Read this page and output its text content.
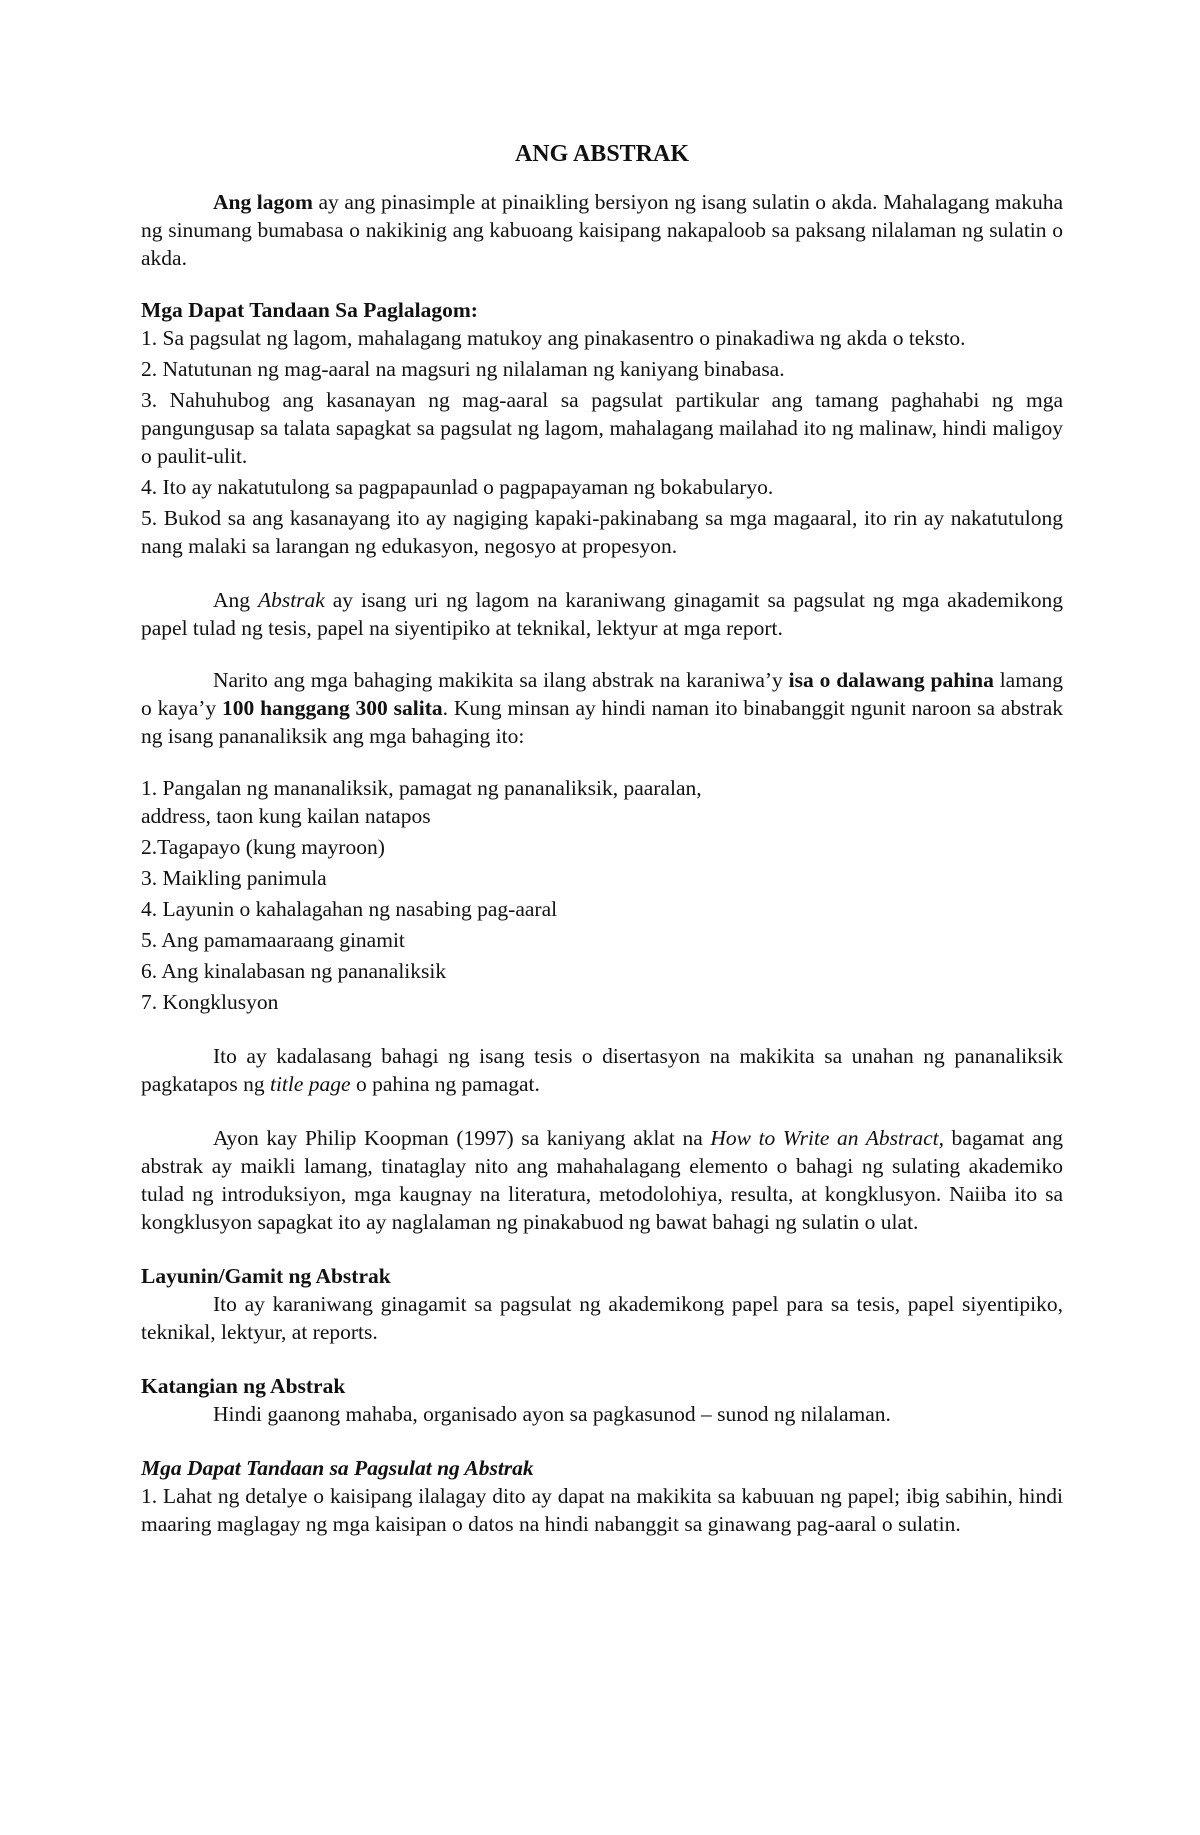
ANG ABSTRAK

Ang lagom ay ang pinasimple at pinaikling bersiyon ng isang sulatin o akda. Mahalagang makuha ng sinumang bumabasa o nakikinig ang kabuoang kaisipang nakapaloob sa paksang nilalaman ng sulatin o akda.

Mga Dapat Tandaan Sa Paglalagom:

1. Sa pagsulat ng lagom, mahalagang matukoy ang pinakasentro o pinakadiwa ng akda o teksto.

2. Natutunan ng mag-aaral na magsuri ng nilalaman ng kaniyang binabasa.

3. Nahuhubog ang kasanayan ng mag-aaral sa pagsulat partikular ang tamang paghahabi ng mga pangungusap sa talata sapagkat sa pagsulat ng lagom, mahalagang mailahad ito ng malinaw, hindi maligoy o paulit-ulit.

4. Ito ay nakatutulong sa pagpapaunlad o pagpapayaman ng bokabularyo.

5. Bukod sa ang kasanayang ito ay nagiging kapaki-pakinabang sa mga magaaral, ito rin ay nakatutulong nang malaki sa larangan ng edukasyon, negosyo at propesyon.

Ang Abstrak ay isang uri ng lagom na karaniwang ginagamit sa pagsulat ng mga akademikong papel tulad ng tesis, papel na siyentipiko at teknikal, lektyur at mga report.

Narito ang mga bahaging makikita sa ilang abstrak na karaniwa’y isa o dalawang pahina lamang o kaya’y 100 hanggang 300 salita. Kung minsan ay hindi naman ito binabanggit ngunit naroon sa abstrak ng isang pananaliksik ang mga bahaging ito:

1. Pangalan ng mananaliksik, pamagat ng pananaliksik, paaralan, address, taon kung kailan natapos

2.Tagapayo (kung mayroon)

3. Maikling panimula

4. Layunin o kahalagahan ng nasabing pag-aaral

5. Ang pamamaaraang ginamit

6. Ang kinalabasan ng pananaliksik

7. Kongklusyon

Ito ay kadalasang bahagi ng isang tesis o disertasyon na makikita sa unahan ng pananaliksik pagkatapos ng title page o pahina ng pamagat.

Ayon kay Philip Koopman (1997) sa kaniyang aklat na How to Write an Abstract, bagamat ang abstrak ay maikli lamang, tinataglay nito ang mahahalagang elemento o bahagi ng sulating akademiko tulad ng introduksiyon, mga kaugnay na literatura, metodolohiya, resulta, at kongklusyon. Naiiba ito sa kongklusyon sapagkat ito ay naglalaman ng pinakabuod ng bawat bahagi ng sulatin o ulat.

Layunin/Gamit ng Abstrak

Ito ay karaniwang ginagamit sa pagsulat ng akademikong papel para sa tesis, papel siyentipiko, teknikal, lektyur, at reports.

Katangian ng Abstrak

Hindi gaanong mahaba, organisado ayon sa pagkasunod – sunod ng nilalaman.

Mga Dapat Tandaan sa Pagsulat ng Abstrak

1. Lahat ng detalye o kaisipang ilalagay dito ay dapat na makikita sa kabuuan ng papel; ibig sabihin, hindi maaring maglagay ng mga kaisipan o datos na hindi nabanggit sa ginawang pag-aaral o sulatin.
